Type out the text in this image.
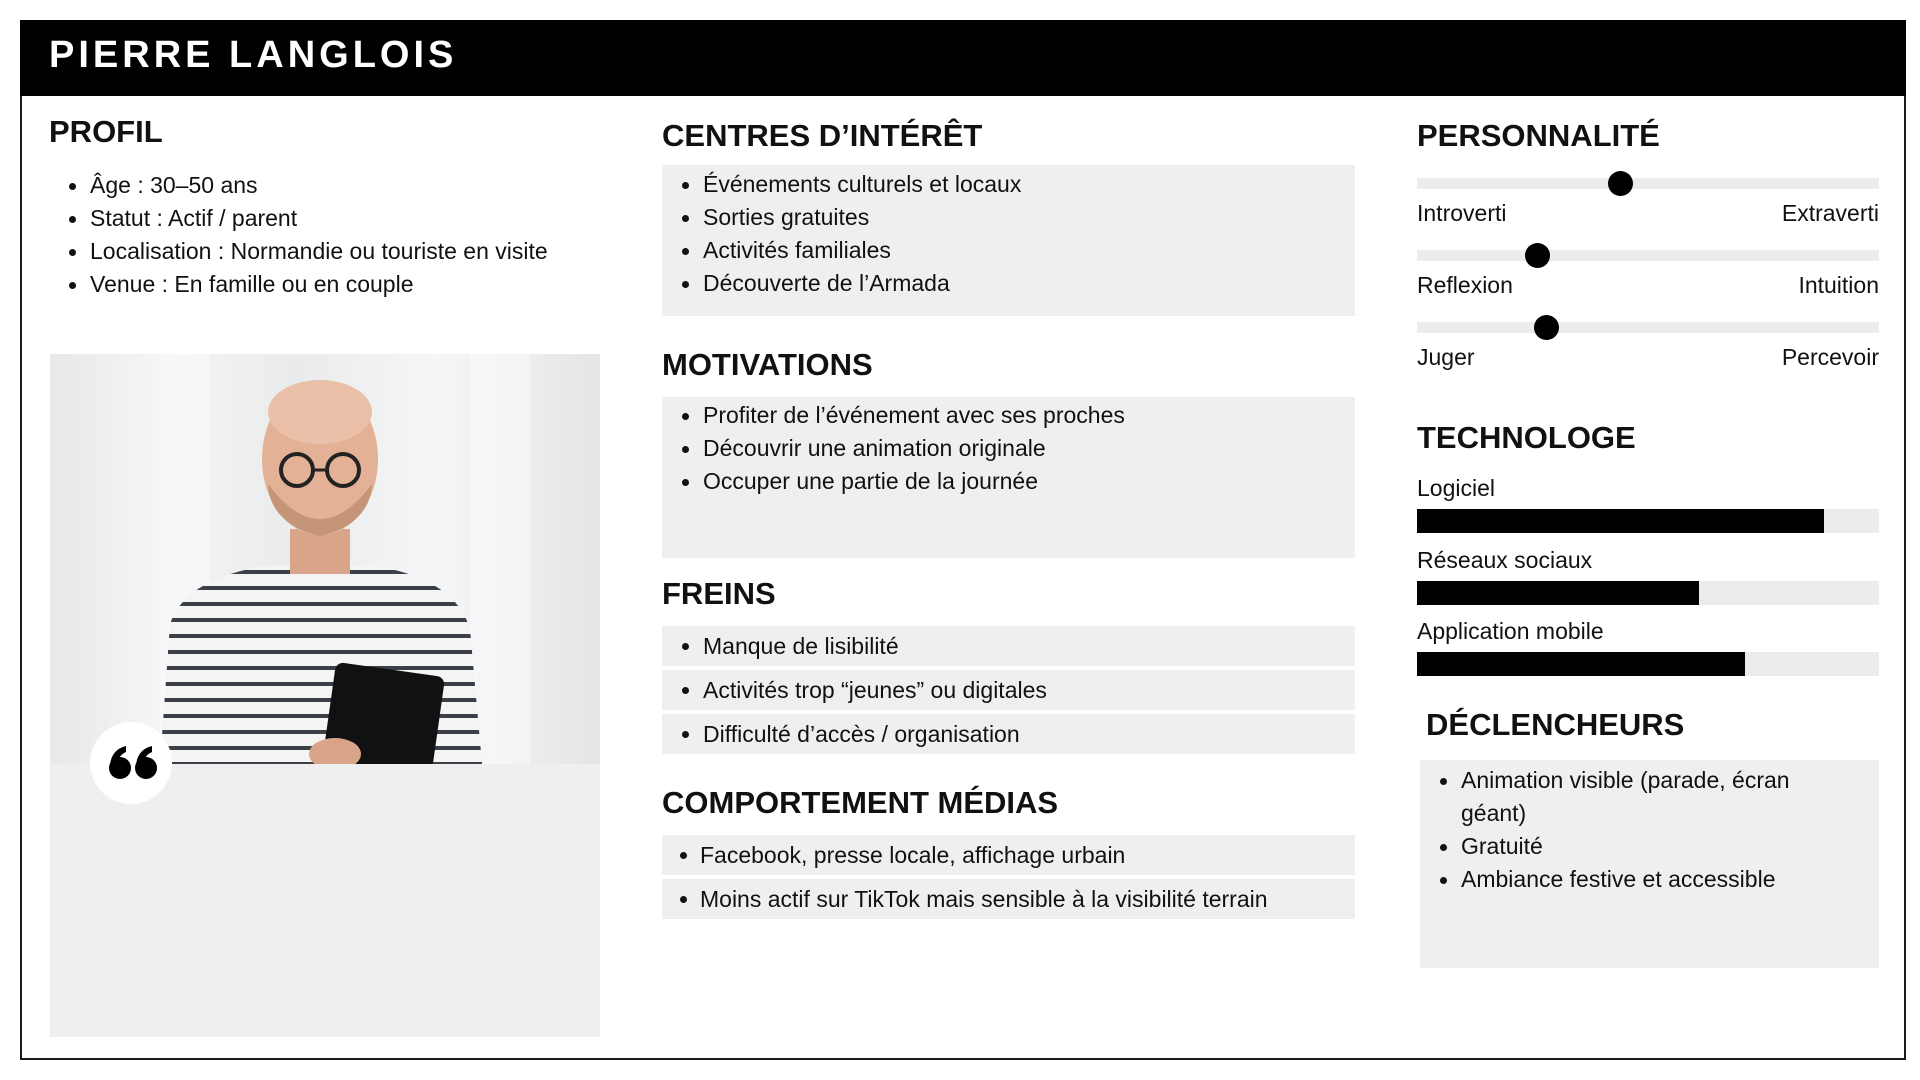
PIERRE LANGLOIS
PROFIL
Âge : 30–50 ans
Statut : Actif / parent
Localisation : Normandie ou touriste en visite
Venue : En famille ou en couple
CENTRES D’INTÉRÊT
Événements culturels et locaux
Sorties gratuites
Activités familiales
Découverte de l’Armada
MOTIVATIONS
Profiter de l’événement avec ses proches
Découvrir une animation originale
Occuper une partie de la journée
FREINS
Manque de lisibilité
Activités trop “jeunes” ou digitales
Difficulté d’accès / organisation
COMPORTEMENT MÉDIAS
Facebook, presse locale, affichage urbain
Moins actif sur TikTok mais sensible à la visibilité terrain
PERSONNALITÉ
Introverti	Extraverti
Reflexion	Intuition
Juger	Percevoir
TECHNOLOGE
Logiciel
Réseaux sociaux
Application mobile
DÉCLENCHEURS
Animation visible (parade, écran géant)
Gratuité
Ambiance festive et accessible
